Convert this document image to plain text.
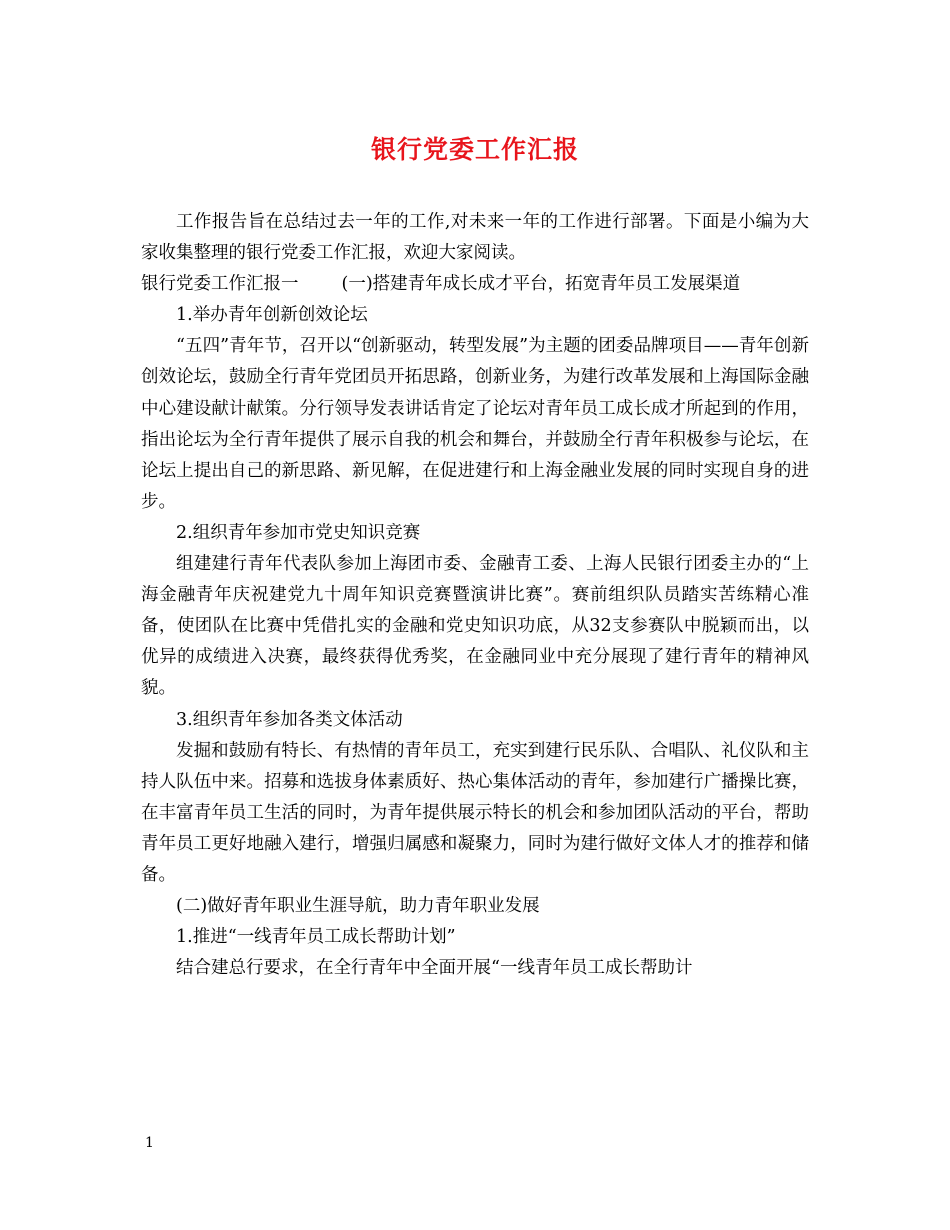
银行党委工作汇报

工作报告旨在总结过去一年的工作,对未来一年的工作进行部署。下面是小编为大家收集整理的银行党委工作汇报，欢迎大家阅读。

银行党委工作汇报一 (一)搭建青年成长成才平台，拓宽青年员工发展渠道

1.举办青年创新创效论坛

“五四”青年节，召开以“创新驱动，转型发展”为主题的团委品牌项目——青年创新创效论坛，鼓励全行青年党团员开拓思路，创新业务，为建行改革发展和上海国际金融中心建设献计献策。分行领导发表讲话肯定了论坛对青年员工成长成才所起到的作用，指出论坛为全行青年提供了展示自我的机会和舞台，并鼓励全行青年积极参与论坛，在论坛上提出自己的新思路、新见解，在促进建行和上海金融业发展的同时实现自身的进步。

2.组织青年参加市党史知识竞赛

组建建行青年代表队参加上海团市委、金融青工委、上海人民银行团委主办的“上海金融青年庆祝建党九十周年知识竞赛暨演讲比赛”。赛前组织队员踏实苦练精心准备，使团队在比赛中凭借扎实的金融和党史知识功底，从32支参赛队中脱颖而出，以优异的成绩进入决赛，最终获得优秀奖，在金融同业中充分展现了建行青年的精神风貌。

3.组织青年参加各类文体活动

发掘和鼓励有特长、有热情的青年员工，充实到建行民乐队、合唱队、礼仪队和主持人队伍中来。招募和选拔身体素质好、热心集体活动的青年，参加建行广播操比赛，在丰富青年员工生活的同时，为青年提供展示特长的机会和参加团队活动的平台，帮助青年员工更好地融入建行，增强归属感和凝聚力，同时为建行做好文体人才的推荐和储备。

(二)做好青年职业生涯导航，助力青年职业发展

1.推进“一线青年员工成长帮助计划”

结合建总行要求，在全行青年中全面开展“一线青年员工成长帮助计

1
